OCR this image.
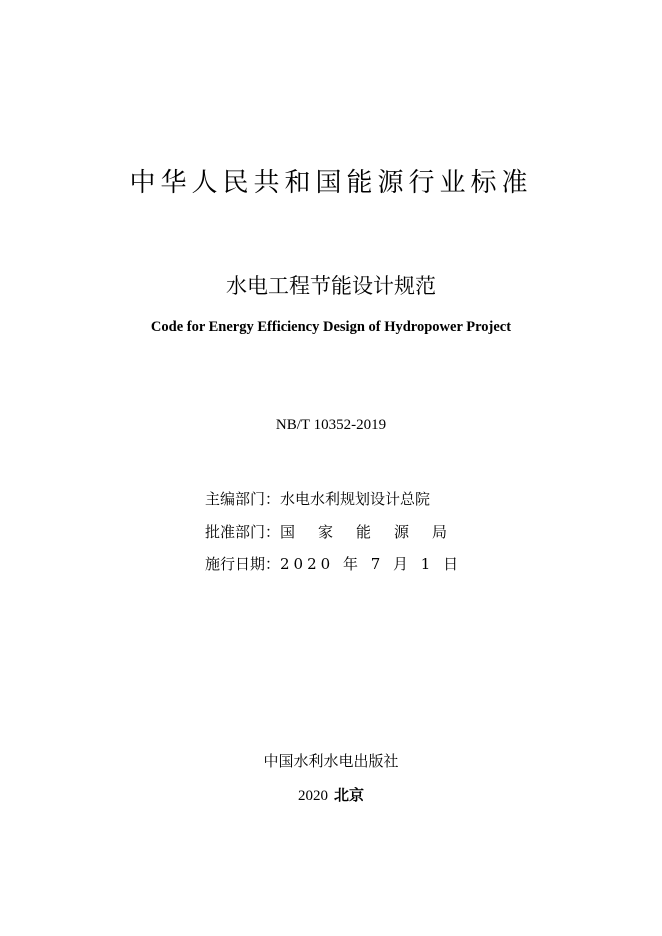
中华人民共和国能源行业标准
水电工程节能设计规范
Code for Energy Efficiency Design of Hydropower Project
NB/T 10352-2019
主编部门：水电水利规划设计总院
批准部门：国家能源局
施行日期：2020 年 7 月 1 日
中国水利水电出版社
2020 北京
